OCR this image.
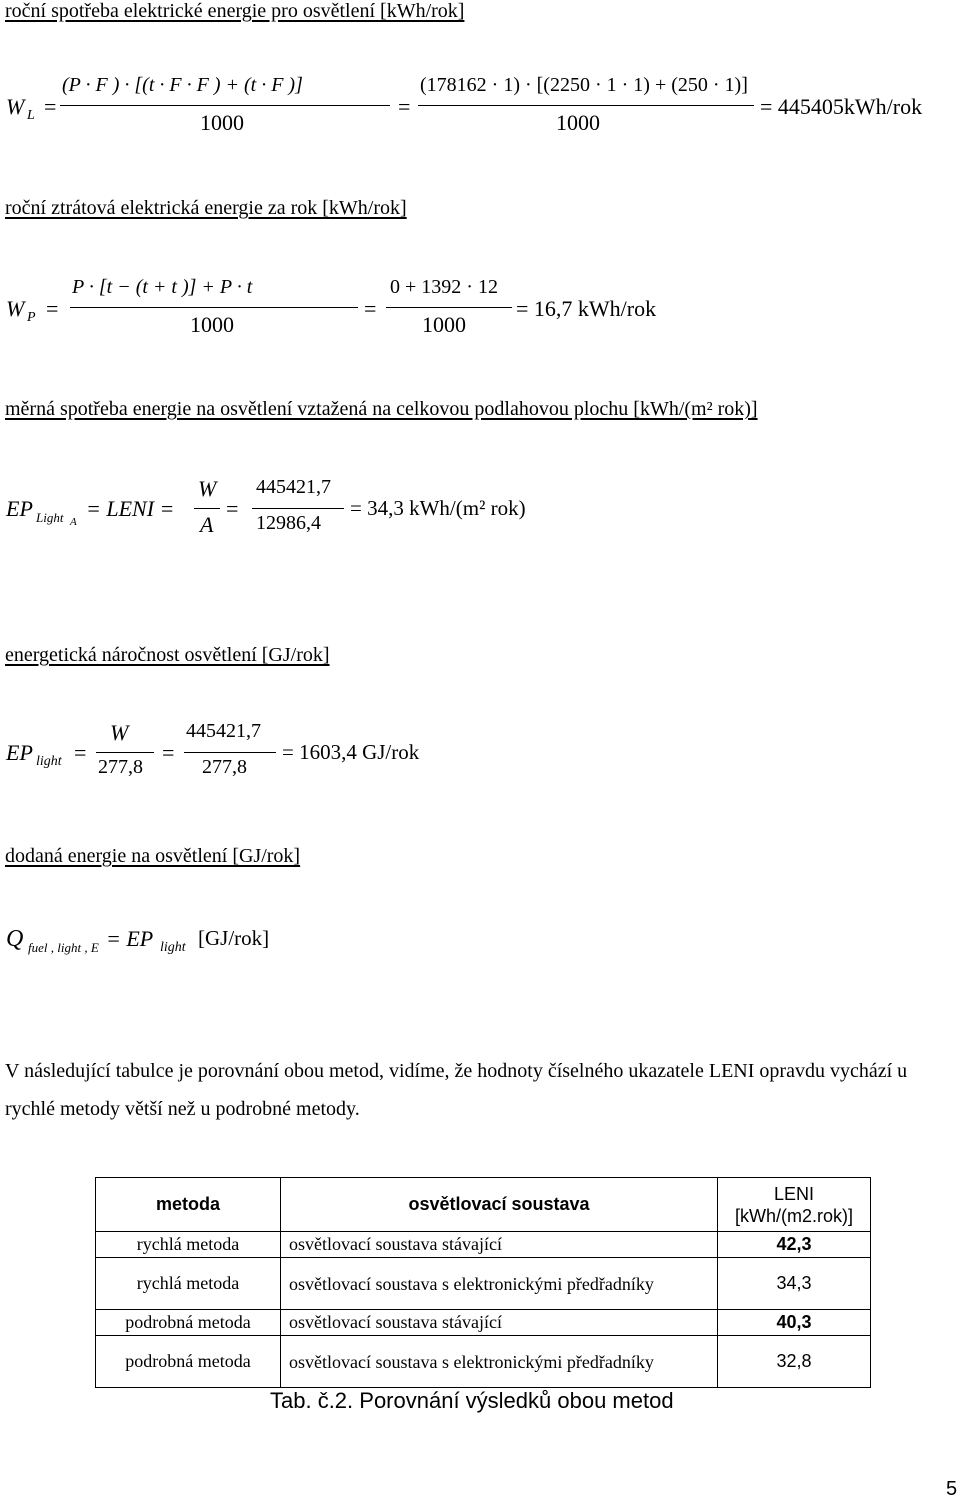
roční spotřeba elektrické energie pro osvětlení [kWh/rok]
W L =
(P · F ) · [(t · F · F ) + (t · F )]
1000
=
(178162 · 1) · [(2250 · 1 · 1) + (250 · 1)]
1000
= 445405kWh/rok
roční ztrátová elektrická energie za rok [kWh/rok]
W P =
P · [t − (t + t )] + P · t
1000
=
0 + 1392 · 12
1000
= 16,7 kWh/rok
měrná spotřeba energie na osvětlení vztažená na celkovou podlahovou plochu [kWh/(m² rok)]
EP Light A
= LENI =
W
A
=
445421,7
12986,4
= 34,3 kWh/(m² rok)
energetická náročnost osvětlení [GJ/rok]
EP light =
W
277,8
=
445421,7
277,8
= 1603,4 GJ/rok
dodaná energie na osvětlení [GJ/rok]
Q fuel , light , E = EP light [GJ/rok]
V následující tabulce je porovnání obou metod, vidíme, že hodnoty číselného ukazatele LENI opravdu vychází u rychlé metody větší než u podrobné metody.
metoda	osvětlovací soustava	LENI [kWh/(m2.rok)]
rychlá metoda	osvětlovací soustava stávající	42,3
rychlá metoda	osvětlovací soustava s elektronickými předřadníky	34,3
podrobná metoda	osvětlovací soustava stávající	40,3
podrobná metoda	osvětlovací soustava s elektronickými předřadníky	32,8
Tab. č.2. Porovnání výsledků obou metod
5
